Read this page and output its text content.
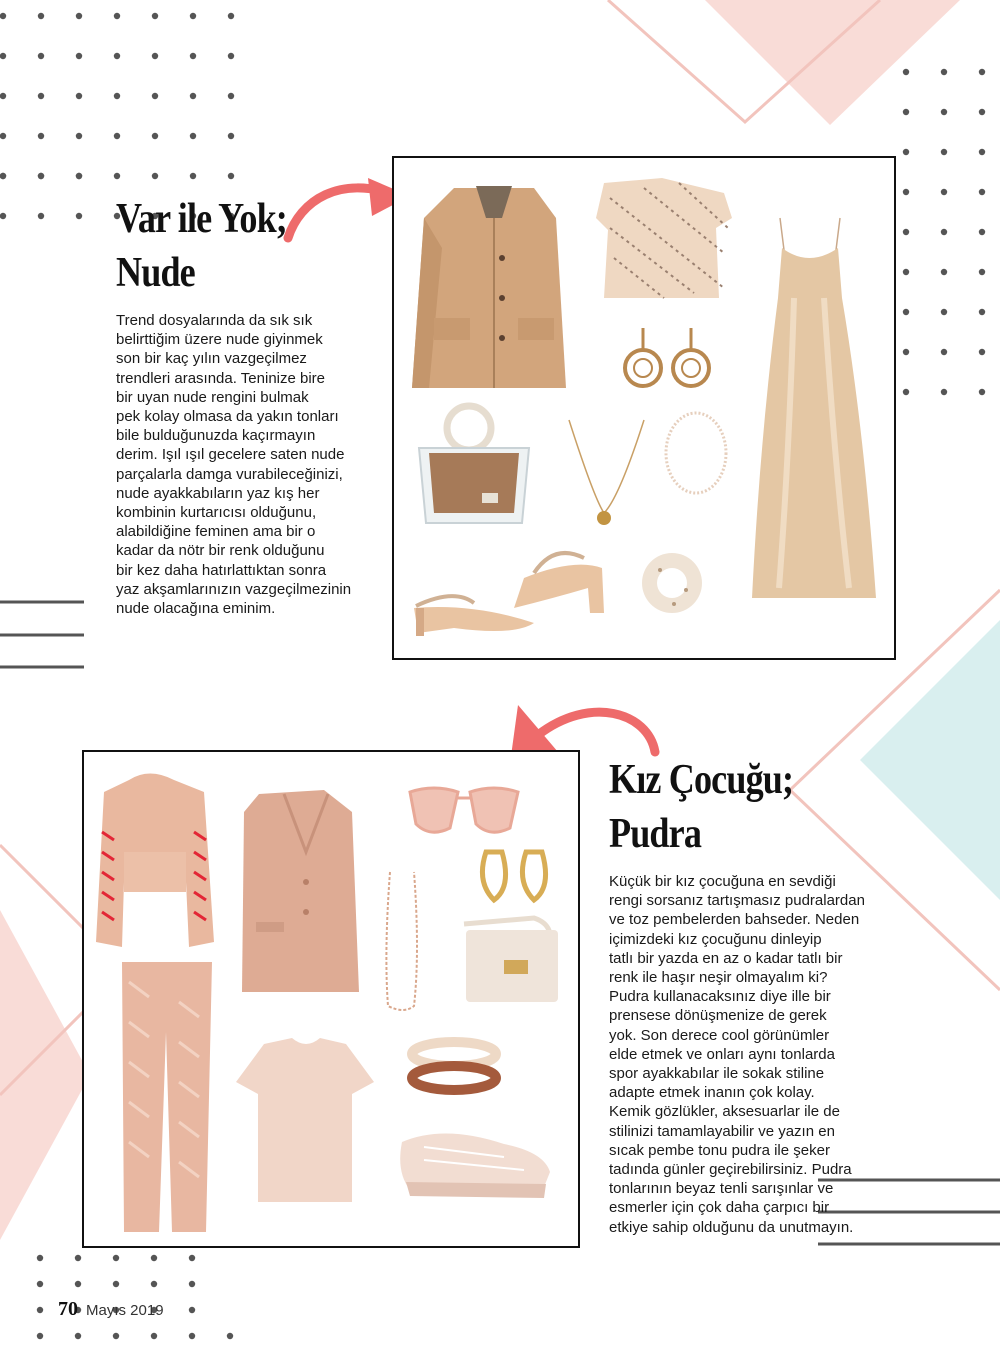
Var ile Yok;
Nude
Trend dosyalarında da sık sık
belirttiğim üzere nude giyinmek
son bir kaç yılın vazgeçilmez
trendleri arasında. Teninize bire
bir uyan nude rengini bulmak
pek kolay olmasa da yakın tonları
bile bulduğunuzda kaçırmayın
derim. Işıl ışıl gecelere saten nude
parçalarla damga vurabileceğinizi,
nude ayakkabıların yaz kış her
kombinin kurtarıcısı olduğunu,
alabildiğine feminen ama bir o
kadar da nötr bir renk olduğunu
bir kez daha hatırlattıktan sonra
yaz akşamlarınızın vazgeçilmezinin
nude olacağına eminim.
Kız Çocuğu;
Pudra
Küçük bir kız çocuğuna en sevdiği
rengi sorsanız tartışmasız pudralardan
ve toz pembelerden bahseder. Neden
içimizdeki kız çocuğunu dinleyip
tatlı bir yazda en az o kadar tatlı bir
renk ile haşır neşir olmayalım ki?
Pudra kullanacaksınız diye ille bir
prensese dönüşmenize de gerek
yok. Son derece cool görünümler
elde etmek ve onları aynı tonlarda
spor ayakkabılar ile sokak stiline
adapte etmek inanın çok kolay.
Kemik gözlükler, aksesuarlar ile de
stilinizi tamamlayabilir ve yazın en
sıcak pembe tonu pudra ile şeker
tadında günler geçirebilirsiniz. Pudra
tonlarının beyaz tenli sarışınlar ve
esmerler için çok daha çarpıcı bir
etkiye sahip olduğunu da unutmayın.
70 Mayıs 2019
